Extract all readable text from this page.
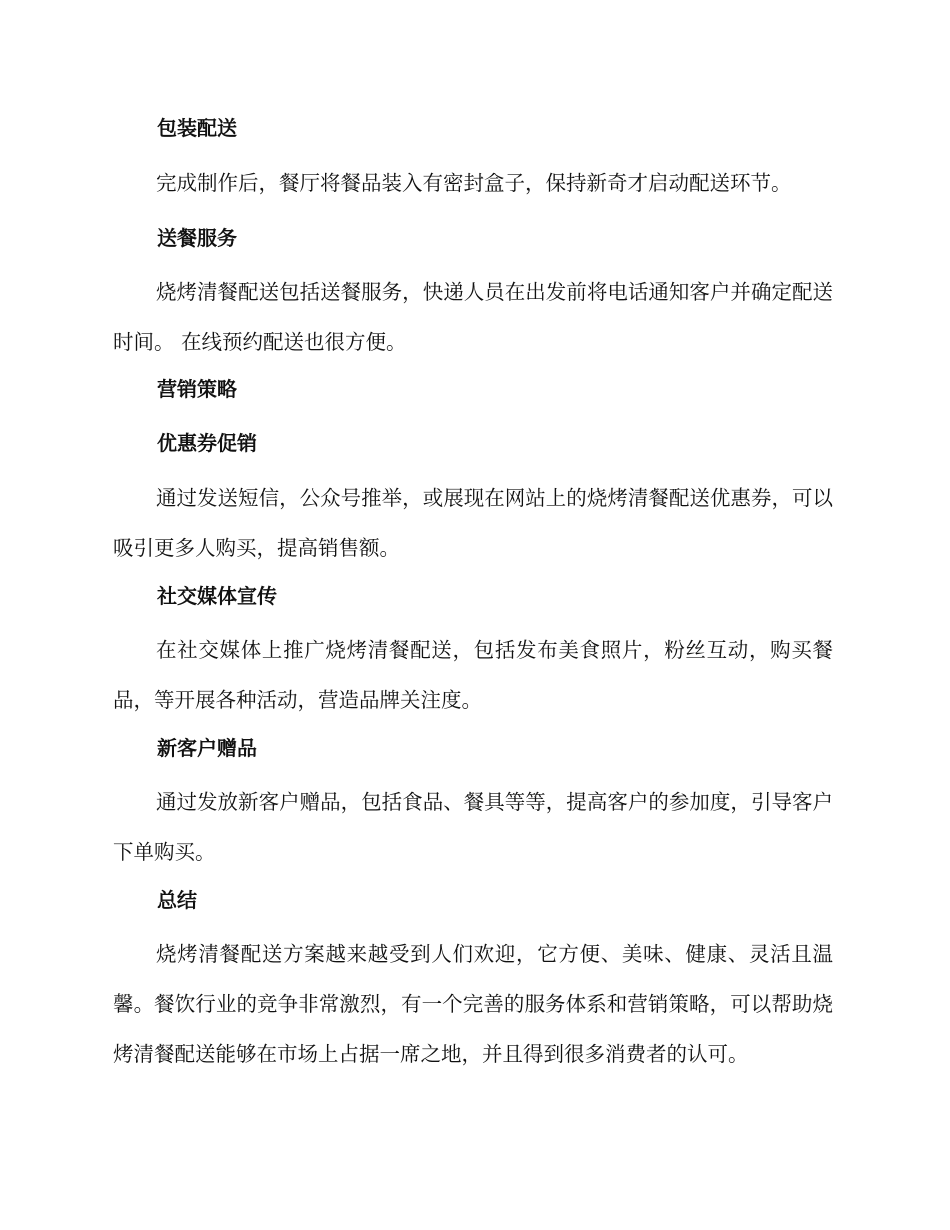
包装配送

完成制作后，餐厅将餐品装入有密封盒子，保持新奇才启动配送环节。

送餐服务

烧烤清餐配送包括送餐服务，快递人员在出发前将电话通知客户并确定配送时间。 在线预约配送也很方便。

营销策略
优惠券促销

通过发送短信，公众号推举，或展现在网站上的烧烤清餐配送优惠券，可以吸引更多人购买，提高销售额。

社交媒体宣传

在社交媒体上推广烧烤清餐配送，包括发布美食照片，粉丝互动，购买餐品，等开展各种活动，营造品牌关注度。

新客户赠品

通过发放新客户赠品，包括食品、餐具等等，提高客户的参加度，引导客户下单购买。

总结

烧烤清餐配送方案越来越受到人们欢迎，它方便、美味、健康、灵活且温馨。餐饮行业的竞争非常激烈，有一个完善的服务体系和营销策略，可以帮助烧烤清餐配送能够在市场上占据一席之地，并且得到很多消费者的认可。
